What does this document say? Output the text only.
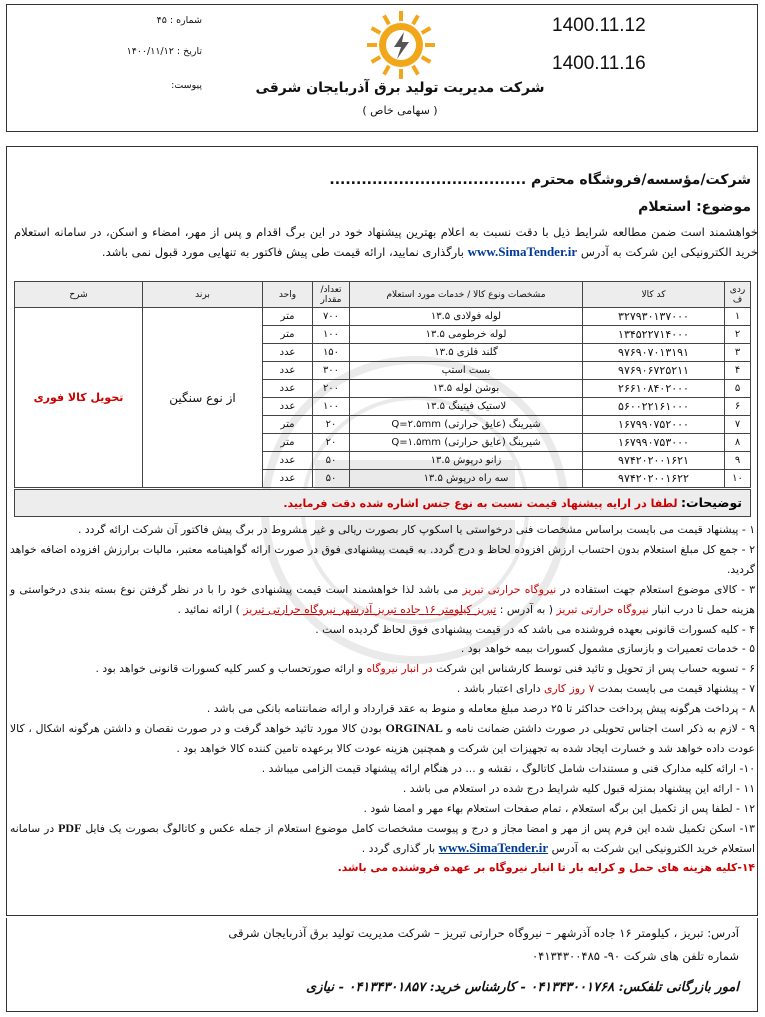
1400.11.12
1400.11.16
شرکت مدیریت تولید برق آذربایجان شرقی
( سهامی خاص )
شماره : ۴۵
تاریخ : ۱۴۰۰/۱۱/۱۲
پیوست:
شرکت/مؤسسه/فروشگاه محترم .....................................
موضوع: استعلام
خواهشمند است ضمن مطالعه شرایط ذیل با دقت نسبت به اعلام بهترین پیشنهاد خود در این برگ اقدام و پس از مهر، امضاء و اسکن، در سامانه استعلام خرید الکترونیکی این شرکت به آدرس www.SimaTender.ir بارگذاری نمایید، ارائه قیمت طی پیش فاکتور به تنهایی مورد قبول نمی باشد.
ردی ف	کد کالا	مشخصات ونوع کالا / خدمات مورد استعلام	تعداد/ مقدار	واحد	برند	شرح
۱	۳۲۷۹۳۰۱۳۷۰۰۰	لوله فولادی ۱۳.۵	۷۰۰	متر	از نوع سنگین	تحویل کالا فوری
۲	۱۳۴۵۲۲۷۱۴۰۰۰	لوله خرطومی ۱۳.۵	۱۰۰	متر		
۳	۹۷۶۹۰۷۰۱۳۱۹۱	گلند فلزی ۱۳.۵	۱۵۰	عدد		
۴	۹۷۶۹۰۶۷۲۵۲۱۱	بست استپ	۳۰۰	عدد		
۵	۲۶۶۱۰۸۴۰۲۰۰۰	بوشن لوله ۱۳.۵	۲۰۰	عدد		
۶	۵۶۰۰۲۲۱۶۱۰۰۰	لاستیک فیتینگ ۱۳.۵	۱۰۰	عدد		
۷	۱۶۷۹۹۰۷۵۲۰۰۰	شیرینگ (عایق حرارتی) Q=۲.۵mm	۲۰	متر		
۸	۱۶۷۹۹۰۷۵۳۰۰۰	شیرینگ (عایق حرارتی) Q=۱.۵mm	۲۰	متر		
۹	۹۷۴۲۰۲۰۰۱۶۲۱	زانو درپوش ۱۳.۵	۵۰	عدد		
۱۰	۹۷۴۲۰۲۰۰۱۶۲۲	سه راه درپوش ۱۳.۵	۵۰	عدد		
توضیحات: لطفا در ارایه پیشنهاد قیمت نسبت به نوع جنس اشاره شده دقت فرمایید.

۱ - پیشنهاد قیمت می بایست براساس مشخصات فنی درخواستی یا اسکوپ کار بصورت ریالی و غیر مشروط در برگ پیش فاکتور آن شرکت ارائه گردد .

۲ - جمع کل مبلغ استعلام بدون احتساب ارزش افزوده لحاظ و درج گردد. به قیمت پیشنهادی فوق در صورت ارائه گواهینامه معتبر، مالیات برارزش افزوده اضافه خواهد گردید.

۳ - کالای موضوع استعلام جهت استفاده در نیروگاه حرارتی تبریز می باشد لذا خواهشمند است قیمت پیشنهادی خود را با در نظر گرفتن نوع بسته بندی درخواستی و هزینه حمل تا درب انبار نیروگاه حرارتی تبریز ( به آدرس : تبریز کیلومتر ۱۶ جاده تبریز آذرشهر نیروگاه حرارتی تبریز ) ارائه نمائید .

۴ - کلیه کسورات قانونی بعهده فروشنده می باشد که در قیمت پیشنهادی فوق لحاظ گردیده است .

۵ - خدمات تعمیرات و بازسازی مشمول کسورات بیمه خواهد بود .

۶ - تسویه حساب پس از تحویل و تائید فنی توسط کارشناس این شرکت در انبار نیروگاه و ارائه صورتحساب و کسر کلیه کسورات قانونی خواهد بود .

۷ - پیشنهاد قیمت می بایست بمدت ۷ روز کاری دارای اعتبار باشد .

۸ - پرداخت هرگونه پیش پرداخت حداکثر تا ۲۵ درصد مبلغ معامله و منوط به عقد قرارداد و ارائه ضمانتنامه بانکی می باشد .

۹ - لازم به ذکر است اجناس تحویلی در صورت داشتن ضمانت نامه و ORGINAL بودن کالا مورد تائید خواهد گرفت و در صورت نقصان و داشتن هرگونه اشکال ، کالا عودت داده خواهد شد و خسارت ایجاد شده به تجهیزات این شرکت و همچنین هزینه عودت کالا برعهده تامین کننده کالا خواهد بود .

۱۰- ارائه کلیه مدارک فنی و مستندات شامل کاتالوگ ، نقشه و ... در هنگام ارائه پیشنهاد قیمت الزامی میباشد .

۱۱ - ارائه این پیشنهاد بمنزله قبول کلیه شرایط درج شده در استعلام می باشد .

۱۲ - لطفا پس از تکمیل این برگه استعلام ، تمام صفحات استعلام بهاء مهر و امضا شود .

۱۳- اسکن تکمیل شده این فرم پس از مهر و امضا مجاز و درج و پیوست مشخصات کامل موضوع استعلام از جمله عکس و کاتالوگ بصورت یک فایل PDF در سامانه استعلام خرید الکترونیکی این شرکت به آدرس www.SimaTender.ir بار گذاری گردد .

۱۴-کلیه هزینه های حمل و کرایه بار تا انبار نیروگاه بر عهده فروشنده می باشد.

آدرس: تبریز ، کیلومتر ۱۶ جاده آذرشهر – نیروگاه حرارتی تبریز – شرکت مدیریت تولید برق آذربایجان شرقی
شماره تلفن های شرکت ۹۰- ۰۴۱۳۴۳۰۰۴۸۵
امور بازرگانی تلفکس: ۰۴۱۳۴۳۰۰۱۷۶۸ - کارشناس خرید: ۰۴۱۳۴۳۰۱۸۵۷ - نیازی
